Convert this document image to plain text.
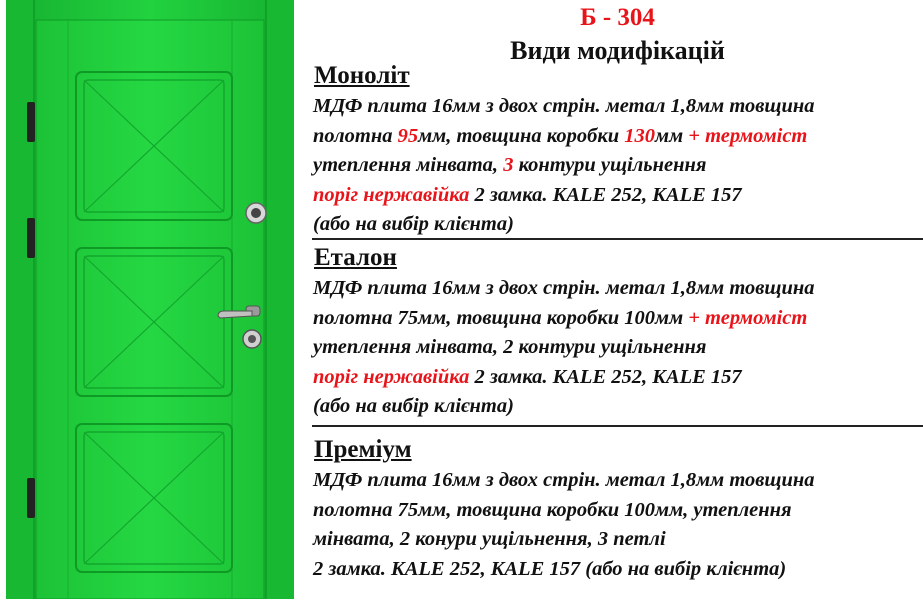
Б - 304
Види модифікацій
Моноліт
МДФ плита 16мм з двох стрін. метал 1,8мм товщина
полотна 95мм, товщина коробки 130мм + термоміст
утеплення мінвата, 3 контури ущільнення
поріг нержавійка 2 замка. KALE 252, KALE 157
(або на вибір клієнта)
Еталон
МДФ плита 16мм з двох стрін. метал 1,8мм товщина
полотна 75мм, товщина коробки 100мм + термоміст
утеплення мінвата, 2 контури ущільнення
поріг нержавійка 2 замка. KALE 252, KALE 157
(або на вибір клієнта)
Преміум
МДФ плита 16мм з двох стрін. метал 1,8мм товщина
полотна 75мм, товщина коробки 100мм, утеплення
мінвата, 2 конури ущільнення, 3 петлі
2 замка. KALE 252, KALE 157 (або на вибір клієнта)
